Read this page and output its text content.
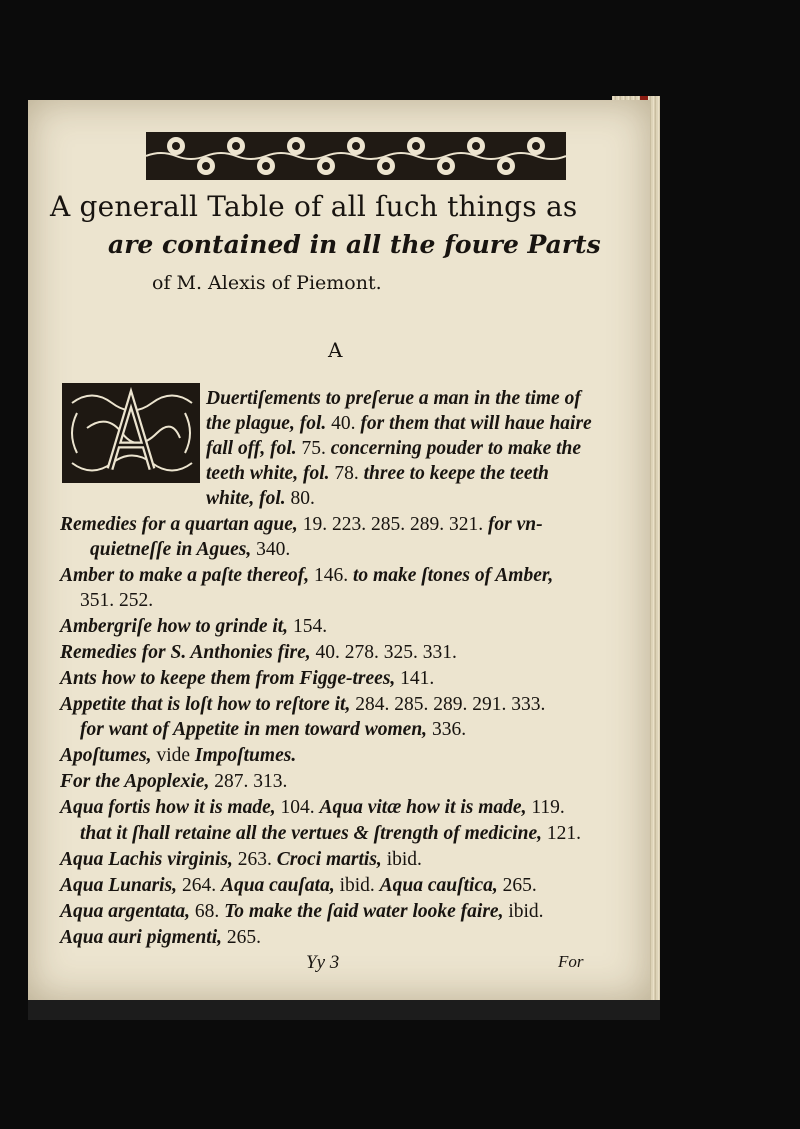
A generall Table of all ſuch things as

are contained in all the foure Parts

of M. Alexis of Piemont.

A

Duertiſements to preſerue a man in the time of

the plague, fol. 40. for them that will haue haire

fall off, fol. 75. concerning pouder to make the

teeth white, fol. 78. three to keepe the teeth

white, fol. 80.

Remedies for a quartan ague, 19. 223. 285. 289. 321. for vn-

quietneſſe in Agues, 340.

Amber to make a paſte thereof, 146. to make ſtones of Amber,

351. 252.

Ambergriſe how to grinde it, 154.

Remedies for S. Anthonies fire, 40. 278. 325. 331.

Ants how to keepe them from Figge-trees, 141.

Appetite that is loſt how to reſtore it, 284. 285. 289. 291. 333.

for want of Appetite in men toward women, 336.

Apoſtumes, vide Impoſtumes.

For the Apoplexie, 287. 313.

Aqua fortis how it is made, 104. Aqua vitæ how it is made, 119.

that it ſhall retaine all the vertues & ſtrength of medicine, 121.

Aqua Lachis virginis, 263. Croci martis, ibid.

Aqua Lunaris, 264. Aqua cauſata, ibid. Aqua cauſtica, 265.

Aqua argentata, 68. To make the ſaid water looke faire, ibid.

Aqua auri pigmenti, 265.

Yy 3	For
